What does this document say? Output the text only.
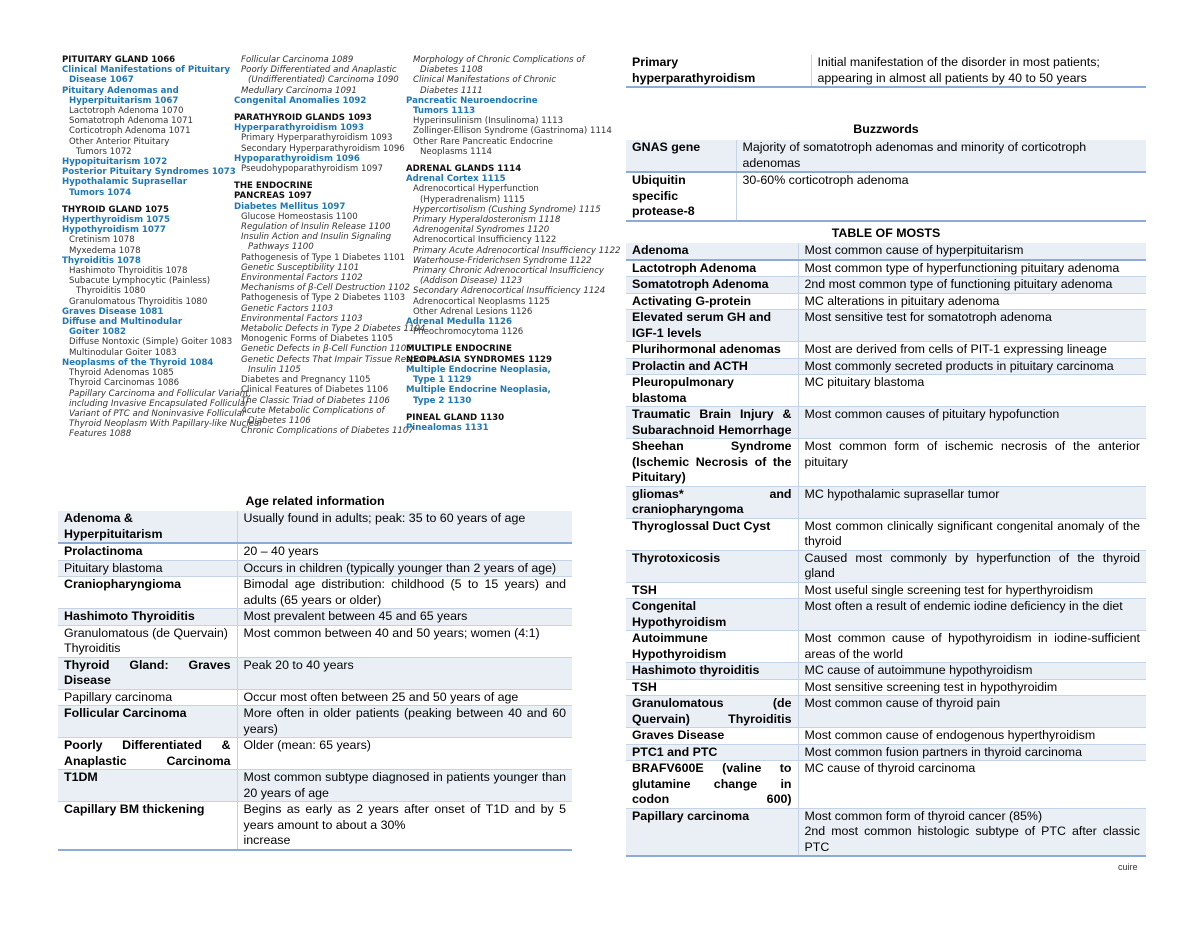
PITUITARY GLAND 1066
Clinical Manifestations of Pituitary
Disease 1067
Pituitary Adenomas and
Hyperpituitarism 1067
Lactotroph Adenoma 1070
Somatotroph Adenoma 1071
Corticotroph Adenoma 1071
Other Anterior Pituitary
Tumors 1072
Hypopituitarism 1072
Posterior Pituitary Syndromes 1073
Hypothalamic Suprasellar
Tumors 1074
THYROID GLAND 1075
Hyperthyroidism 1075
Hypothyroidism 1077
Cretinism 1078
Myxedema 1078
Thyroiditis 1078
Hashimoto Thyroiditis 1078
Subacute Lymphocytic (Painless)
Thyroiditis 1080
Granulomatous Thyroiditis 1080
Graves Disease 1081
Diffuse and Multinodular
Goiter 1082
Diffuse Nontoxic (Simple) Goiter 1083
Multinodular Goiter 1083
Neoplasms of the Thyroid 1084
Thyroid Adenomas 1085
Thyroid Carcinomas 1086
Papillary Carcinoma and Follicular Variant,
including Invasive Encapsulated Follicular
Variant of PTC and Noninvasive Follicular
Thyroid Neoplasm With Papillary-like Nuclear
Features 1088
Follicular Carcinoma 1089
Poorly Differentiated and Anaplastic
(Undifferentiated) Carcinoma 1090
Medullary Carcinoma 1091
Congenital Anomalies 1092
PARATHYROID GLANDS 1093
Hyperparathyroidism 1093
Primary Hyperparathyroidism 1093
Secondary Hyperparathyroidism 1096
Hypoparathyroidism 1096
Pseudohypoparathyroidism 1097
THE ENDOCRINE
PANCREAS 1097
Diabetes Mellitus 1097
Glucose Homeostasis 1100
Regulation of Insulin Release 1100
Insulin Action and Insulin Signaling
Pathways 1100
Pathogenesis of Type 1 Diabetes 1101
Genetic Susceptibility 1101
Environmental Factors 1102
Mechanisms of β-Cell Destruction 1102
Pathogenesis of Type 2 Diabetes 1103
Genetic Factors 1103
Environmental Factors 1103
Metabolic Defects in Type 2 Diabetes 1104
Monogenic Forms of Diabetes 1105
Genetic Defects in β-Cell Function 1105
Genetic Defects That Impair Tissue Response to
Insulin 1105
Diabetes and Pregnancy 1105
Clinical Features of Diabetes 1106
The Classic Triad of Diabetes 1106
Acute Metabolic Complications of
Diabetes 1106
Chronic Complications of Diabetes 1107
Morphology of Chronic Complications of
Diabetes 1108
Clinical Manifestations of Chronic
Diabetes 1111
Pancreatic Neuroendocrine
Tumors 1113
Hyperinsulinism (Insulinoma) 1113
Zollinger-Ellison Syndrome (Gastrinoma) 1114
Other Rare Pancreatic Endocrine
Neoplasms 1114
ADRENAL GLANDS 1114
Adrenal Cortex 1115
Adrenocortical Hyperfunction
(Hyperadrenalism) 1115
Hypercortisolism (Cushing Syndrome) 1115
Primary Hyperaldosteronism 1118
Adrenogenital Syndromes 1120
Adrenocortical Insufficiency 1122
Primary Acute Adrenocortical Insufficiency 1122
Waterhouse-Friderichsen Syndrome 1122
Primary Chronic Adrenocortical Insufficiency
(Addison Disease) 1123
Secondary Adrenocortical Insufficiency 1124
Adrenocortical Neoplasms 1125
Other Adrenal Lesions 1126
Adrenal Medulla 1126
Pheochromocytoma 1126
MULTIPLE ENDOCRINE
NEOPLASIA SYNDROMES 1129
Multiple Endocrine Neoplasia,
Type 1 1129
Multiple Endocrine Neoplasia,
Type 2 1130
PINEAL GLAND 1130
Pinealomas 1131
Age related information
Adenoma & Hyperpituitarism	Usually found in adults; peak: 35 to 60 years of age
Prolactinoma	20 – 40 years
Pituitary blastoma	Occurs in children (typically younger than 2 years of age)
Craniopharyngioma	Bimodal age distribution: childhood (5 to 15 years) and adults (65 years or older)
Hashimoto Thyroiditis	Most prevalent between 45 and 65 years
Granulomatous (de Quervain) Thyroiditis	Most common between 40 and 50 years; women (4:1)
Thyroid Gland: Graves Disease	Peak 20 to 40 years
Papillary carcinoma	Occur most often between 25 and 50 years of age
Follicular Carcinoma	More often in older patients (peaking between 40 and 60 years)
Poorly Differentiated & Anaplastic Carcinoma	Older (mean: 65 years)
T1DM	Most common subtype diagnosed in patients younger than 20 years of age
Capillary BM thickening	Begins as early as 2 years after onset of T1D and by 5 years amount to about a 30%
increase
Primary hyperparathyroidism	Initial manifestation of the disorder in most patients; appearing in almost all patients by 40 to 50 years
Buzzwords
GNAS gene	Majority of somatotroph adenomas and minority of corticotroph adenomas
Ubiquitin specific protease-8	30-60% corticotroph adenoma
TABLE OF MOSTS
Adenoma	Most common cause of hyperpituitarism
Lactotroph Adenoma	Most common type of hyperfunctioning pituitary adenoma
Somatotroph Adenoma	2nd most common type of functioning pituitary adenoma
Activating G-protein	MC alterations in pituitary adenoma
Elevated serum GH and IGF-1 levels	Most sensitive test for somatotroph adenoma
Plurihormonal adenomas	Most are derived from cells of PIT-1 expressing lineage
Prolactin and ACTH	Most commonly secreted products in pituitary carcinoma
Pleuropulmonary blastoma	MC pituitary blastoma
Traumatic Brain Injury & Subarachnoid Hemorrhage	Most common causes of pituitary hypofunction
Sheehan Syndrome (Ischemic Necrosis of the Pituitary)	Most common form of ischemic necrosis of the anterior pituitary
gliomas* and craniopharyngoma	MC hypothalamic suprasellar tumor
Thyroglossal Duct Cyst	Most common clinically significant congenital anomaly of the thyroid
Thyrotoxicosis	Caused most commonly by hyperfunction of the thyroid gland
TSH	Most useful single screening test for hyperthyroidism
Congenital Hypothyroidism	Most often a result of endemic iodine deficiency in the diet
Autoimmune Hypothyroidism	Most common cause of hypothyroidism in iodine-sufficient areas of the world
Hashimoto thyroiditis	MC cause of autoimmune hypothyroidism
TSH	Most sensitive screening test in hypothyroidim
Granulomatous (de Quervain) Thyroiditis	Most common cause of thyroid pain
Graves Disease	Most common cause of endogenous hyperthyroidism
PTC1 and PTC	Most common fusion partners in thyroid carcinoma
BRAFV600E (valine to glutamine change in codon 600)	MC cause of thyroid carcinoma
Papillary carcinoma	Most common form of thyroid cancer (85%)
2nd most common histologic subtype of PTC after classic PTC
cuire
